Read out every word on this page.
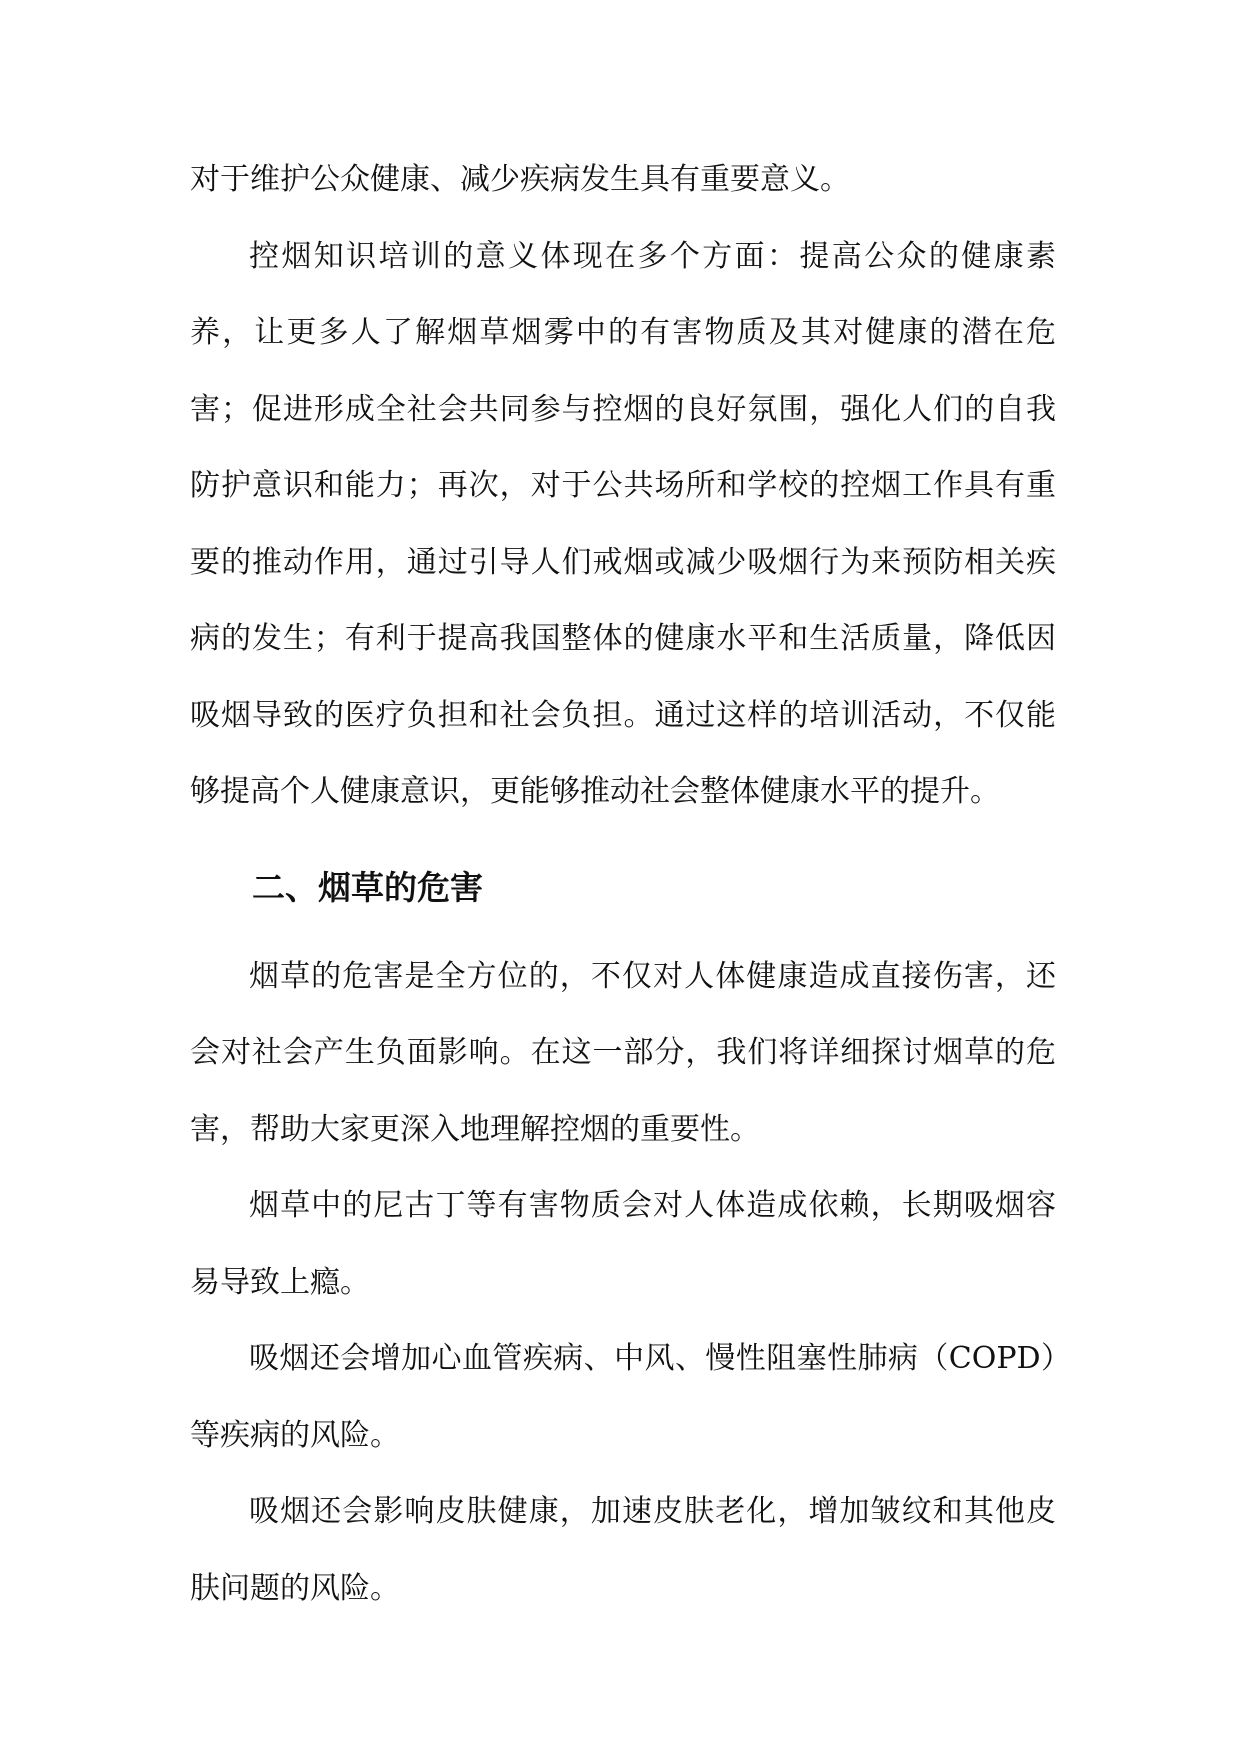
对于维护公众健康、减少疾病发生具有重要意义。

控烟知识培训的意义体现在多个方面：提高公众的健康素养，让更多人了解烟草烟雾中的有害物质及其对健康的潜在危害；促进形成全社会共同参与控烟的良好氛围，强化人们的自我防护意识和能力；再次，对于公共场所和学校的控烟工作具有重要的推动作用，通过引导人们戒烟或减少吸烟行为来预防相关疾病的发生；有利于提高我国整体的健康水平和生活质量，降低因吸烟导致的医疗负担和社会负担。通过这样的培训活动，不仅能够提高个人健康意识，更能够推动社会整体健康水平的提升。

二、烟草的危害

烟草的危害是全方位的，不仅对人体健康造成直接伤害，还会对社会产生负面影响。在这一部分，我们将详细探讨烟草的危害，帮助大家更深入地理解控烟的重要性。

烟草中的尼古丁等有害物质会对人体造成依赖，长期吸烟容易导致上瘾。

吸烟还会增加心血管疾病、中风、慢性阻塞性肺病（COPD）等疾病的风险。

吸烟还会影响皮肤健康，加速皮肤老化，增加皱纹和其他皮肤问题的风险。
